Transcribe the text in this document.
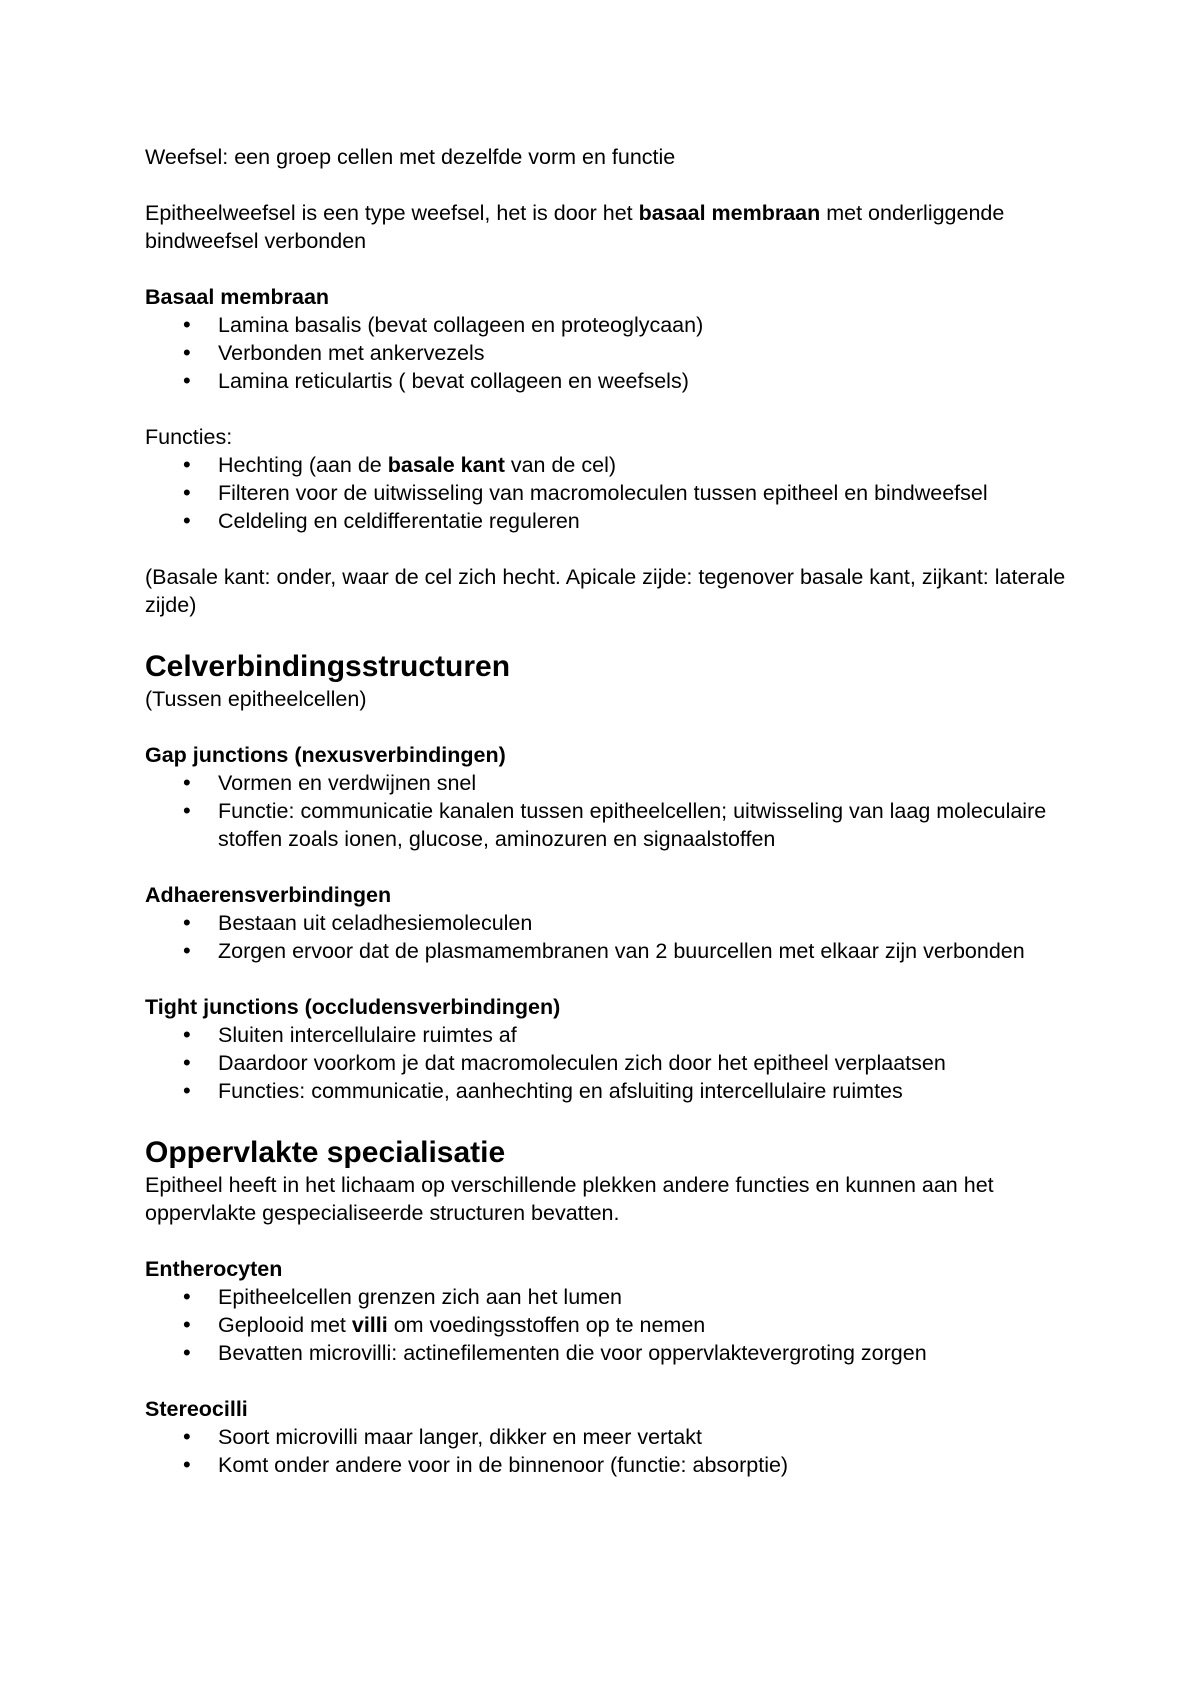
Weefsel: een groep cellen met dezelfde vorm en functie

Epitheelweefsel is een type weefsel, het is door het basaal membraan met onderliggende bindweefsel verbonden

Basaal membraan

• Lamina basalis (bevat collageen en proteoglycaan)
• Verbonden met ankervezels
• Lamina reticulartis ( bevat collageen en weefsels)

Functies:

• Hechting (aan de basale kant van de cel)
• Filteren voor de uitwisseling van macromoleculen tussen epitheel en bindweefsel
• Celdeling en celdifferentatie reguleren

(Basale kant: onder, waar de cel zich hecht. Apicale zijde: tegenover basale kant, zijkant: laterale zijde)

Celverbindingsstructuren

(Tussen epitheelcellen)

Gap junctions (nexusverbindingen)

• Vormen en verdwijnen snel
• Functie: communicatie kanalen tussen epitheelcellen; uitwisseling van laag moleculaire stoffen zoals ionen, glucose, aminozuren en signaalstoffen

Adhaerensverbindingen

• Bestaan uit celadhesiemoleculen
• Zorgen ervoor dat de plasmamembranen van 2 buurcellen met elkaar zijn verbonden

Tight junctions (occludensverbindingen)

• Sluiten intercellulaire ruimtes af
• Daardoor voorkom je dat macromoleculen zich door het epitheel verplaatsen
• Functies: communicatie, aanhechting en afsluiting intercellulaire ruimtes

Oppervlakte specialisatie

Epitheel heeft in het lichaam op verschillende plekken andere functies en kunnen aan het oppervlakte gespecialiseerde structuren bevatten.

Entherocyten

• Epitheelcellen grenzen zich aan het lumen
• Geplooid met villi om voedingsstoffen op te nemen
• Bevatten microvilli: actinefilementen die voor oppervlaktevergroting zorgen

Stereocilli

• Soort microvilli maar langer, dikker en meer vertakt
• Komt onder andere voor in de binnenoor (functie: absorptie)
